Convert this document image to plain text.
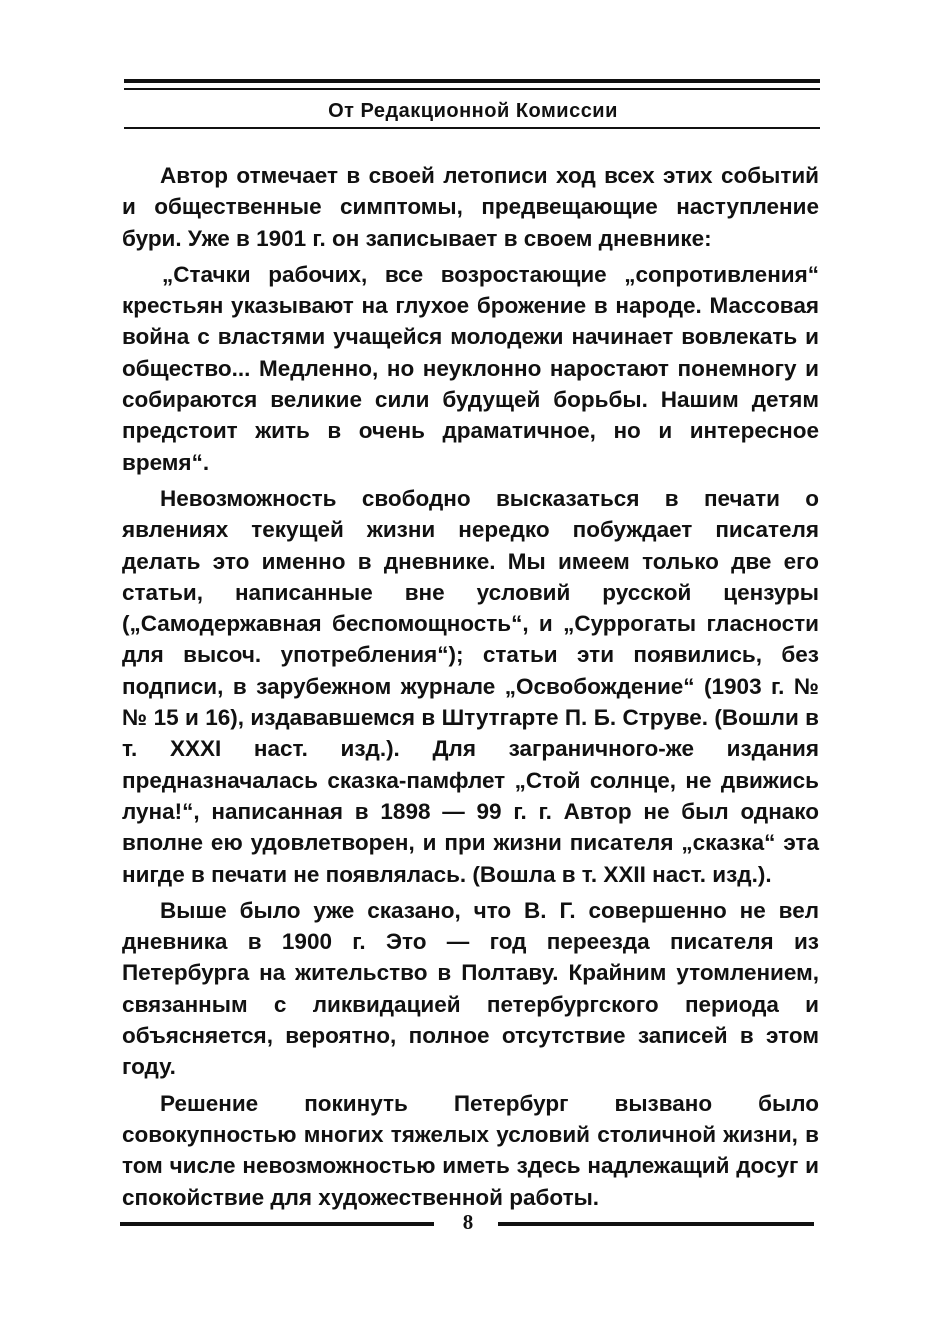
От Редакционной Комиссии

Автор отмечает в своей летописи ход всех этих событий и общественные симптомы, предвещающие наступление бури. Уже в 1901 г. он записывает в своем дневнике:

„Стачки рабочих, все возростающие „сопротивления“ крестьян указывают на глухое брожение в народе. Массовая война с властями учащейся молодежи начинает вовлекать и общество... Медленно, но неуклонно наростают понемногу и собираются великие сили будущей борьбы. Нашим детям предстоит жить в очень драматичное, но и интересное время“.

Невозможность свободно высказаться в печати о явлениях текущей жизни нередко побуждает писателя делать это именно в дневнике. Мы имеем только две его статьи, написанные вне условий русской цензуры („Самодержавная беспомощность“, и „Суррогаты гласности для высоч. употребления“); статьи эти появились, без подписи, в зарубежном журнале „Освобождение“ (1903 г. №№ 15 и 16), издававшемся в Штутгарте П. Б. Струве. (Вошли в т. XXXI наст. изд.). Для заграничного-же издания предназначалась сказка-памфлет „Стой солнце, не движись луна!“, написанная в 1898 — 99 г. г. Автор не был однако вполне ею удовлетворен, и при жизни писателя „сказка“ эта нигде в печати не появлялась. (Вошла в т. XXII наст. изд.).

Выше было уже сказано, что В. Г. совершенно не вел дневника в 1900 г. Это — год переезда писателя из Петербурга на жительство в Полтаву. Крайним утомлением, связанным с ликвидацией петербургского периода и объясняется, вероятно, полное отсутствие записей в этом году.

Решение покинуть Петербург вызвано было совокупностью многих тяжелых условий столичной жизни, в том числе невозможностью иметь здесь надлежащий досуг и спокойствие для художественной работы.

8
